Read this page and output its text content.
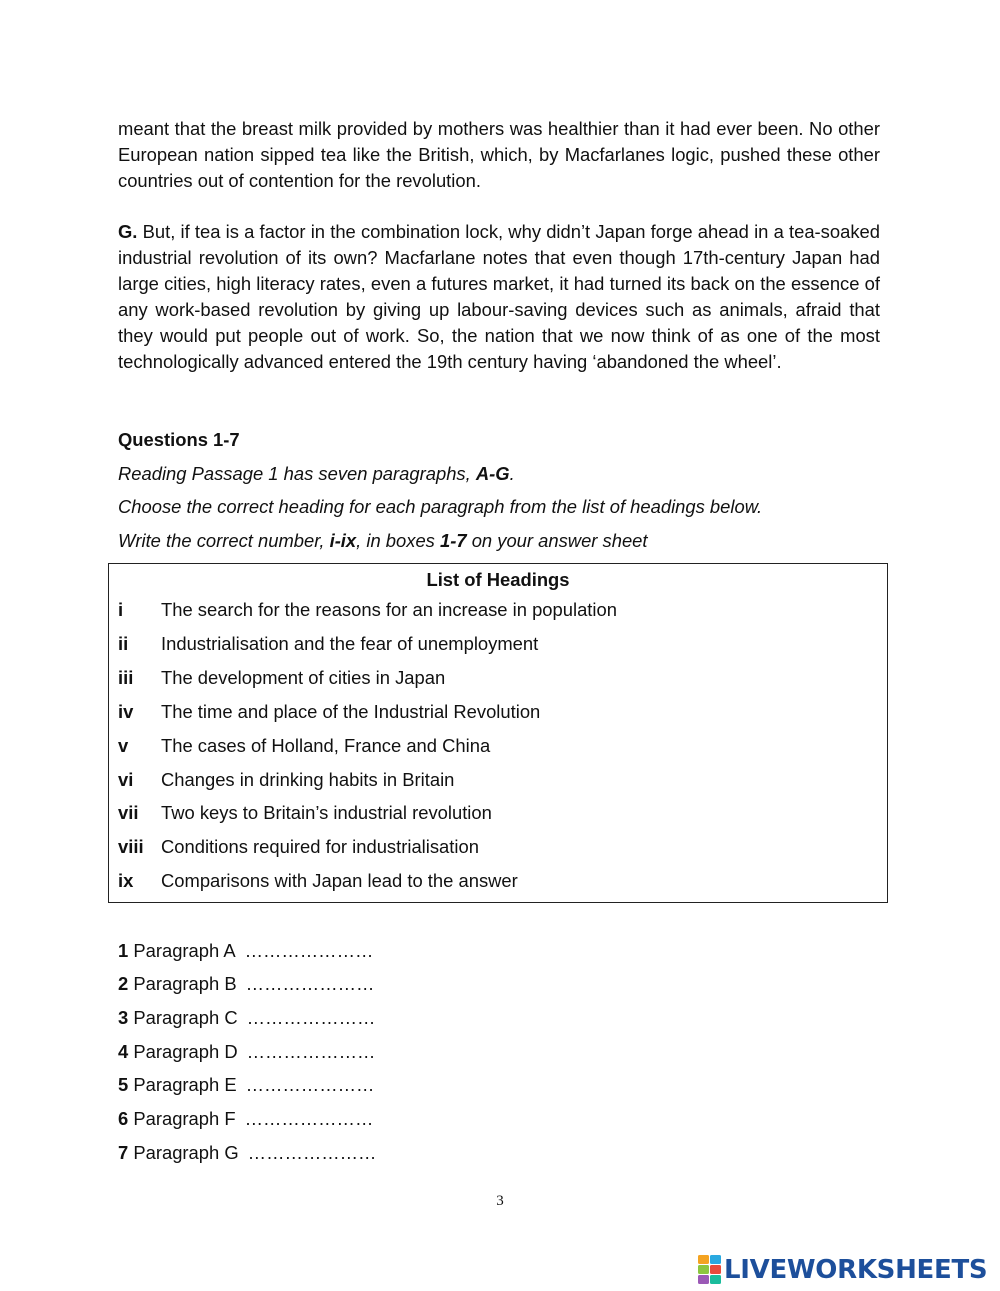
meant that the breast milk provided by mothers was healthier than it had ever been. No other European nation sipped tea like the British, which, by Macfarlanes logic, pushed these other countries out of contention for the revolution.

G. But, if tea is a factor in the combination lock, why didn’t Japan forge ahead in a tea-soaked industrial revolution of its own? Macfarlane notes that even though 17th-century Japan had large cities, high literacy rates, even a futures market, it had turned its back on the essence of any work-based revolution by giving up labour-saving devices such as animals, afraid that they would put people out of work. So, the nation that we now think of as one of the most technologically advanced entered the 19th century having ‘abandoned the wheel’.

Questions 1-7

Reading Passage 1 has seven paragraphs, A-G.

Choose the correct heading for each paragraph from the list of headings below.

Write the correct number, i-ix, in boxes 1-7 on your answer sheet

List of Headings
i The search for the reasons for an increase in population
ii Industrialisation and the fear of unemployment
iii The development of cities in Japan
iv The time and place of the Industrial Revolution
v The cases of Holland, France and China
vi Changes in drinking habits in Britain
vii Two keys to Britain’s industrial revolution
viii Conditions required for industrialisation
ix Comparisons with Japan lead to the answer
1 Paragraph A …………………
2 Paragraph B …………………
3 Paragraph C …………………
4 Paragraph D …………………
5 Paragraph E …………………
6 Paragraph F …………………
7 Paragraph G …………………
3
LIVEWORKSHEETS
